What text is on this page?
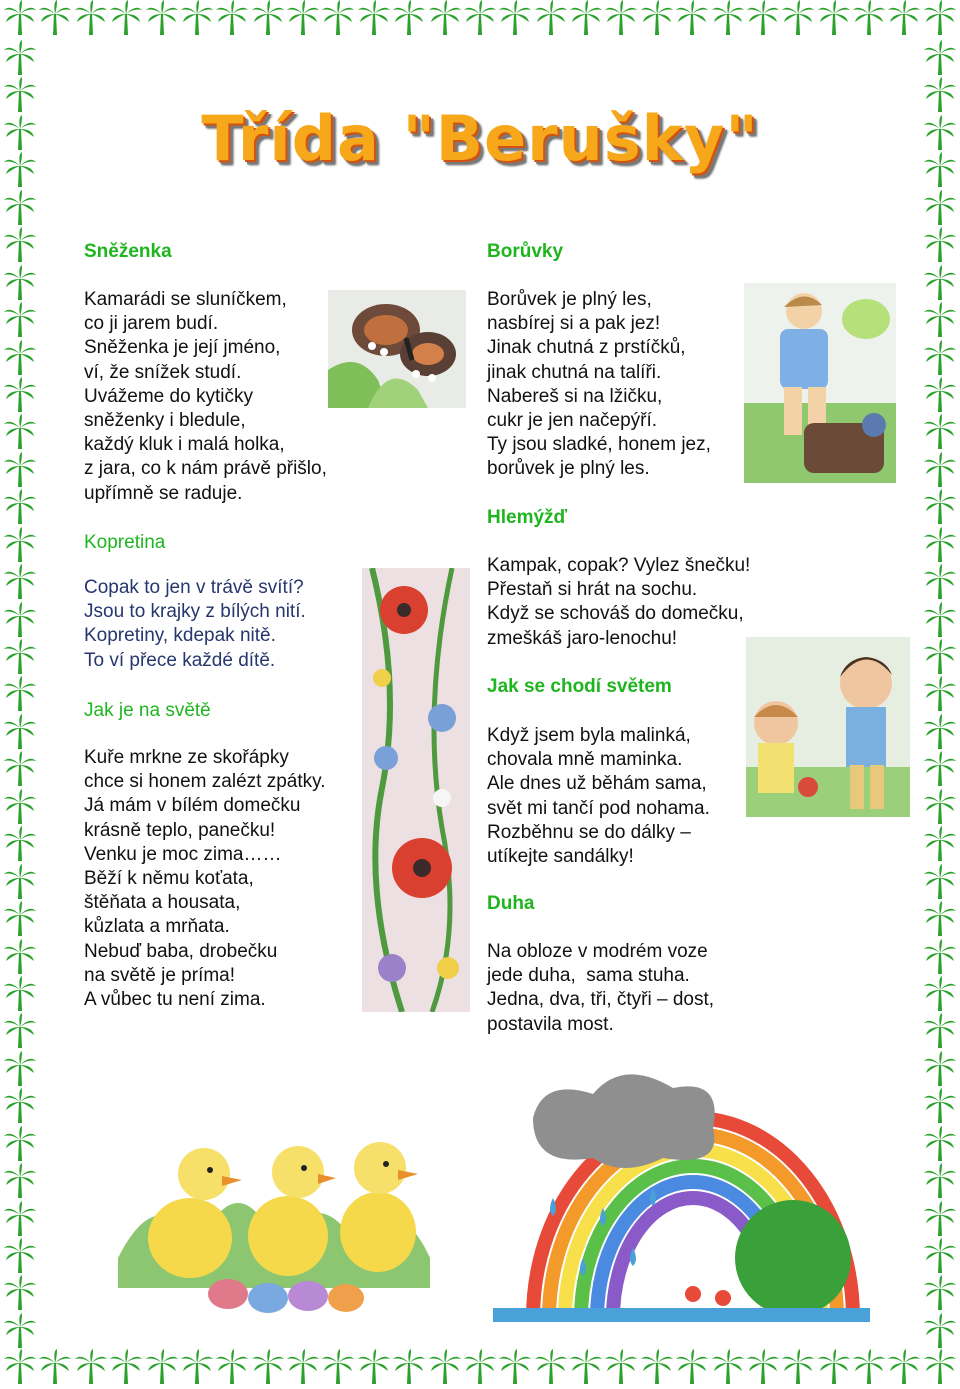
Třída "Berušky"
Sněženka

Kamarádi se sluníčkem,
co ji jarem budí.
Sněženka je její jméno,
ví, že snížek studí.
Uvážeme do kytičky
sněženky i bledule,
každý kluk i malá holka,
z jara, co k nám právě přišlo,
upřímně se raduje.

Kopretina

Copak to jen v trávě svítí?
Jsou to krajky z bílých nití.
Kopretiny, kdepak nitě.
To ví přece každé dítě.

Jak je na světě

Kuře mrkne ze skořápky
chce si honem zalézt zpátky.
Já mám v bílém domečku
krásně teplo, panečku!
Venku je moc zima……
Běží k němu koťata,
štěňata a housata,
kůzlata a mrňata.
Nebuď baba, drobečku
na světě je príma!
A vůbec tu není zima.

Borůvky

Borůvek je plný les,
nasbírej si a pak jez!
Jinak chutná z prstíčků,
jinak chutná na talíři.
Nabereš si na lžičku,
cukr je jen načepýří.
Ty jsou sladké, honem jez,
borůvek je plný les.

Hlemýžď

Kampak, copak? Vylez šnečku!
Přestaň si hrát na sochu.
Když se schováš do domečku,
zmeškáš jaro-lenochu!

Jak se chodí světem

Když jsem byla malinká,
chovala mně maminka.
Ale dnes už běhám sama,
svět mi tančí pod nohama.
Rozběhnu se do dálky –
utíkejte sandálky!

Duha

Na obloze v modrém voze
jede duha,  sama stuha.
Jedna, dva, tři, čtyři – dost,
postavila most.
